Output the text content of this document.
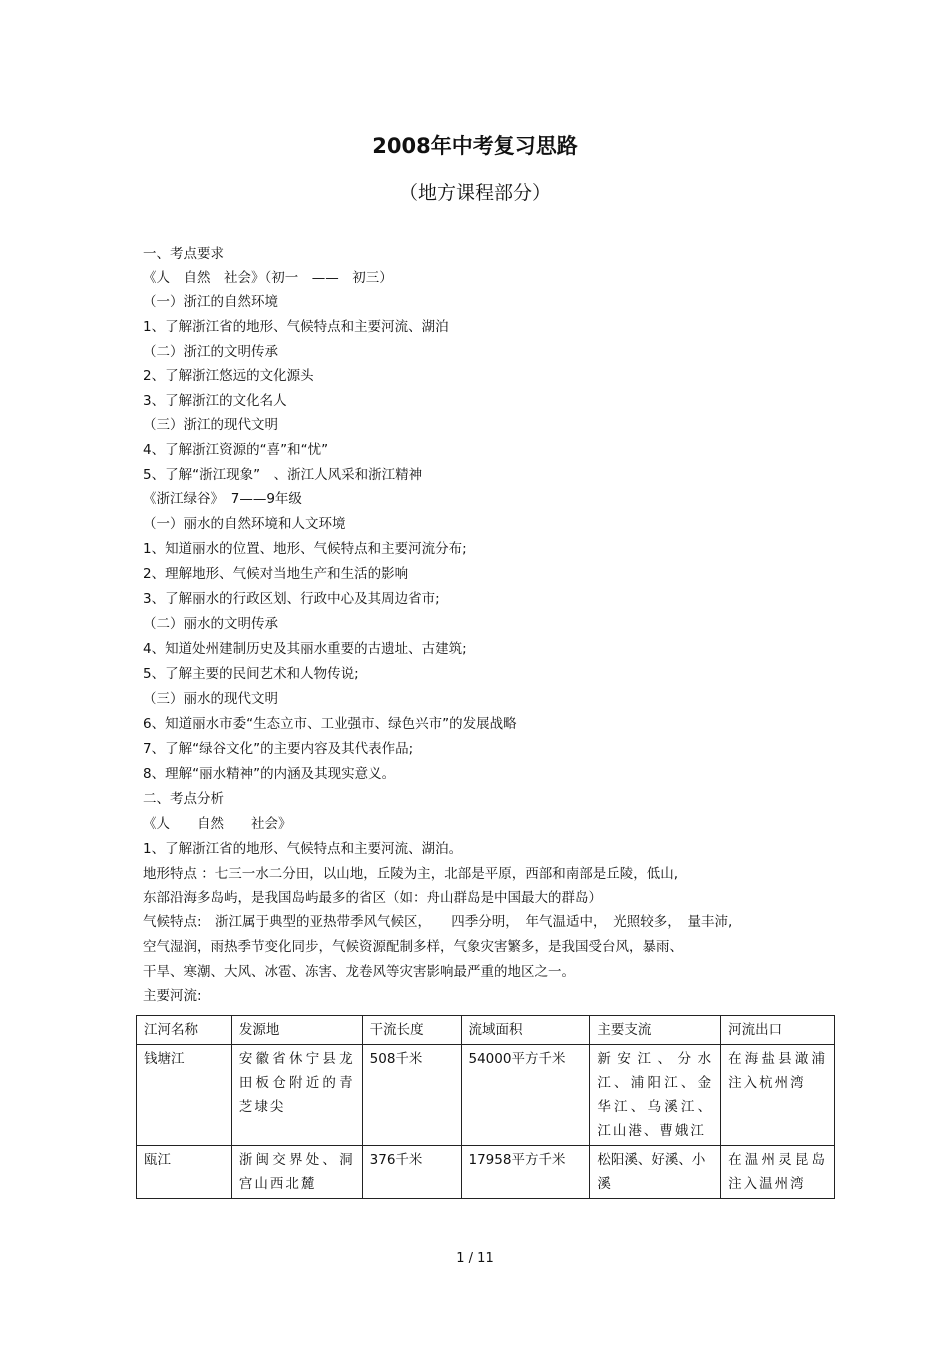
2008年中考复习思路
（地方课程部分）
一、考点要求
《人　自然　社会》（初一　——　初三）
（一）浙江的自然环境
1、了解浙江省的地形、气候特点和主要河流、湖泊
（二）浙江的文明传承
2、了解浙江悠远的文化源头
3、了解浙江的文化名人
（三）浙江的现代文明
4、了解浙江资源的“喜”和“忧”
5、了解“浙江现象”　、浙江人风采和浙江精神
《浙江绿谷》　7——9年级
（一）丽水的自然环境和人文环境
1、知道丽水的位置、地形、气候特点和主要河流分布;
2、理解地形、气候对当地生产和生活的影响
3、了解丽水的行政区划、行政中心及其周边省市;
（二）丽水的文明传承
4、知道处州建制历史及其丽水重要的古遗址、古建筑;
5、了解主要的民间艺术和人物传说;
（三）丽水的现代文明
6、知道丽水市委“生态立市、工业强市、绿色兴市”的发展战略
7、了解“绿谷文化”的主要内容及其代表作品;
8、理解“丽水精神”的内涵及其现实意义。
二、考点分析
《人　　自然　　社会》
1、了解浙江省的地形、气候特点和主要河流、湖泊。
地形特点 ：七三一水二分田，以山地，丘陵为主，北部是平原，西部和南部是丘陵，低山,
东部沿海多岛屿，是我国岛屿最多的省区（如：舟山群岛是中国最大的群岛）
气候特点:　浙江属于典型的亚热带季风气候区，　　四季分明，　年气温适中，　光照较多，　量丰沛,
空气湿润，雨热季节变化同步，气候资源配制多样，气象灾害繁多，是我国受台风，暴雨、
干旱、寒潮、大风、冰雹、冻害、龙卷风等灾害影响最严重的地区之一。
主要河流:
江河名称	发源地	干流长度	流域面积	主要支流	河流出口
钱塘江	安徽省休宁县龙田板仓附近的青芝埭尖	508千米	54000平方千米	新安江、分水江、浦阳江、金华江、乌溪江、江山港、曹娥江	在海盐县澉浦注入杭州湾
瓯江	浙闽交界处、洞宫山西北麓	376千米	17958平方千米	松阳溪、好溪、小溪	在温州灵昆岛注入温州湾
1 / 11
